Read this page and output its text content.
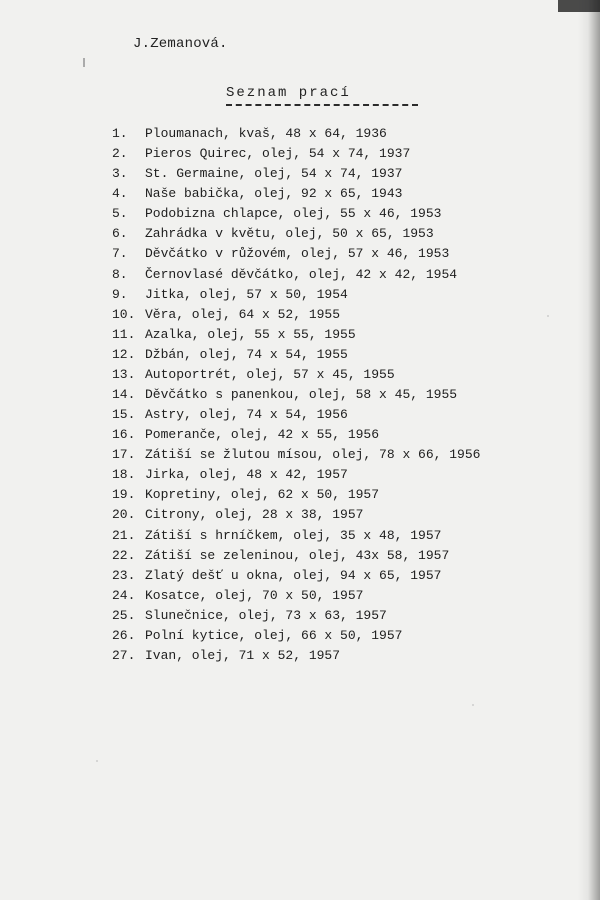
J.Zemanová.
Seznam prací
1.	Ploumanach, kvaš, 48 x 64, 1936
2.	Pieros Quirec, olej, 54 x 74, 1937
3.	St. Germaine, olej, 54 x 74, 1937
4.	Naše babička, olej, 92 x 65, 1943
5.	Podobizna chlapce, olej, 55 x 46, 1953
6.	Zahrádka v květu, olej, 50 x 65, 1953
7.	Děvčátko v růžovém, olej, 57 x 46, 1953
8.	Černovlasé děvčátko, olej, 42 x 42, 1954
9.	Jitka, olej, 57 x 50, 1954
10. Věra, olej, 64 x 52, 1955
11. Azalka, olej, 55 x 55, 1955
12. Džbán, olej, 74 x 54, 1955
13. Autoportrét, olej, 57 x 45, 1955
14. Děvčátko s panenkou, olej, 58 x 45, 1955
15. Astry, olej, 74 x 54, 1956
16. Pomeranče, olej, 42 x 55, 1956
17. Zátiší se žlutou mísou, olej, 78 x 66, 1956
18. Jirka, olej, 48 x 42, 1957
19. Kopretiny, olej, 62 x 50, 1957
20. Citrony, olej, 28 x 38, 1957
21. Zátiší s hrníčkem, olej, 35 x 48, 1957
22. Zátiší se zeleninou, olej, 43x 58, 1957
23. Zlatý dešť u okna, olej, 94 x 65, 1957
24. Kosatce, olej, 70 x 50, 1957
25. Slunečnice, olej, 73 x 63, 1957
26. Polní kytice, olej, 66 x 50, 1957
27. Ivan, olej, 71 x 52, 1957
